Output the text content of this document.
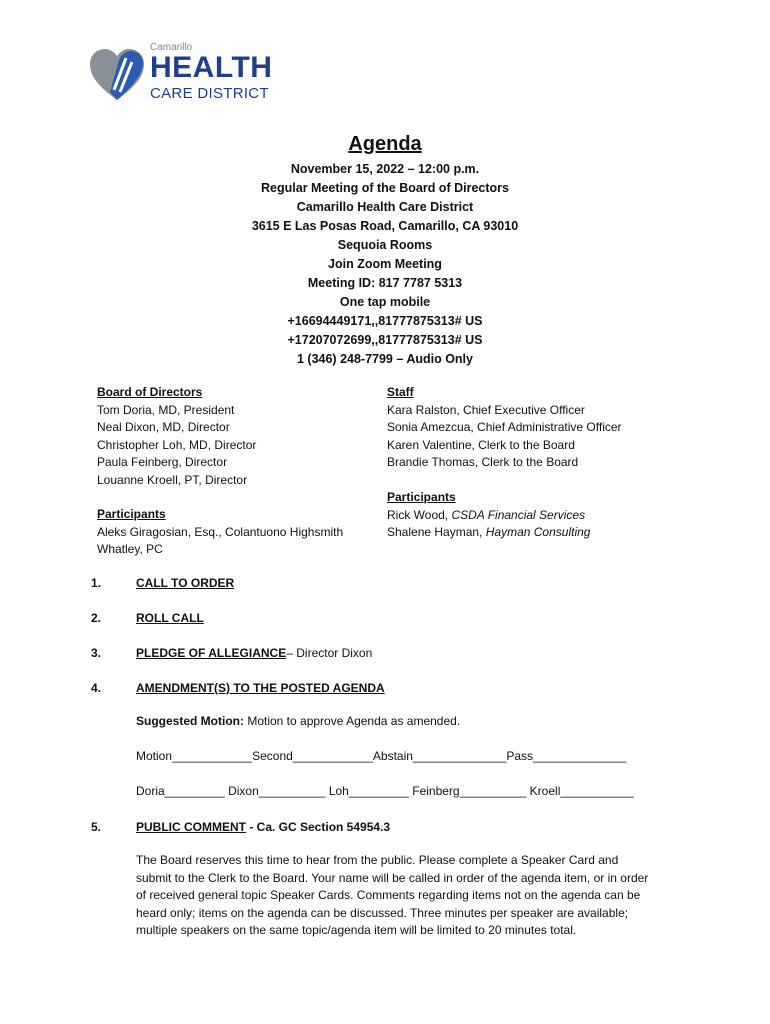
Camarillo
HEALTH
CARE DISTRICT
Agenda
November 15, 2022 – 12:00 p.m.
Regular Meeting of the Board of Directors
Camarillo Health Care District
3615 E Las Posas Road, Camarillo, CA 93010
Sequoia Rooms
Join Zoom Meeting
Meeting ID: 817 7787 5313
One tap mobile
+16694449171,,81777875313# US
+17207072699,,81777875313# US
1 (346) 248-7799 – Audio Only
Board of Directors
Tom Doria, MD, President
Neal Dixon, MD, Director
Christopher Loh, MD, Director
Paula Feinberg, Director
Louanne Kroell, PT, Director
Staff
Kara Ralston, Chief Executive Officer
Sonia Amezcua, Chief Administrative Officer
Karen Valentine, Clerk to the Board
Brandie Thomas, Clerk to the Board
Participants
Aleks Giragosian, Esq., Colantuono Highsmith
Whatley, PC
Participants
Rick Wood, CSDA Financial Services
Shalene Hayman, Hayman Consulting
1.	CALL TO ORDER
2.	ROLL CALL
3.	PLEDGE OF ALLEGIANCE– Director Dixon
4.	AMENDMENT(S) TO THE POSTED AGENDA
Suggested Motion: Motion to approve Agenda as amended.
Motion____________Second____________Abstain______________Pass______________
Doria_________ Dixon__________ Loh_________ Feinberg__________ Kroell___________
5.	PUBLIC COMMENT - Ca. GC Section 54954.3
The Board reserves this time to hear from the public. Please complete a Speaker Card and submit to the Clerk to the Board. Your name will be called in order of the agenda item, or in order of received general topic Speaker Cards. Comments regarding items not on the agenda can be heard only; items on the agenda can be discussed. Three minutes per speaker are available; multiple speakers on the same topic/agenda item will be limited to 20 minutes total.
